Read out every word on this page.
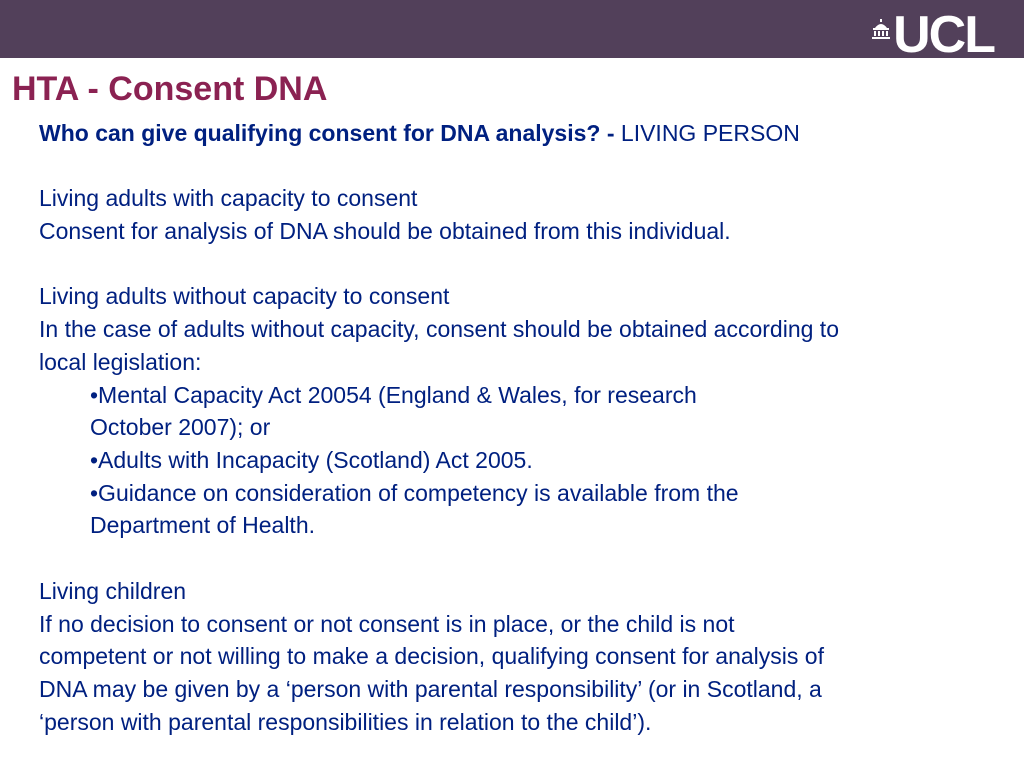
UCL
HTA - Consent DNA
Who can give qualifying consent for DNA analysis? - LIVING PERSON
Living adults with capacity to consent
Consent for analysis of DNA should be obtained from this individual.
Living adults without capacity to consent
In the case of adults without capacity, consent should be obtained according to
local legislation:
•Mental Capacity Act 20054 (England & Wales, for research
October 2007); or
•Adults with Incapacity (Scotland) Act 2005.
•Guidance on consideration of competency is available from the
Department of Health.
Living children
If no decision to consent or not consent is in place, or the child is not
competent or not willing to make a decision, qualifying consent for analysis of
DNA may be given by a ‘person with parental responsibility’ (or in Scotland, a
‘person with parental responsibilities in relation to the child’).
